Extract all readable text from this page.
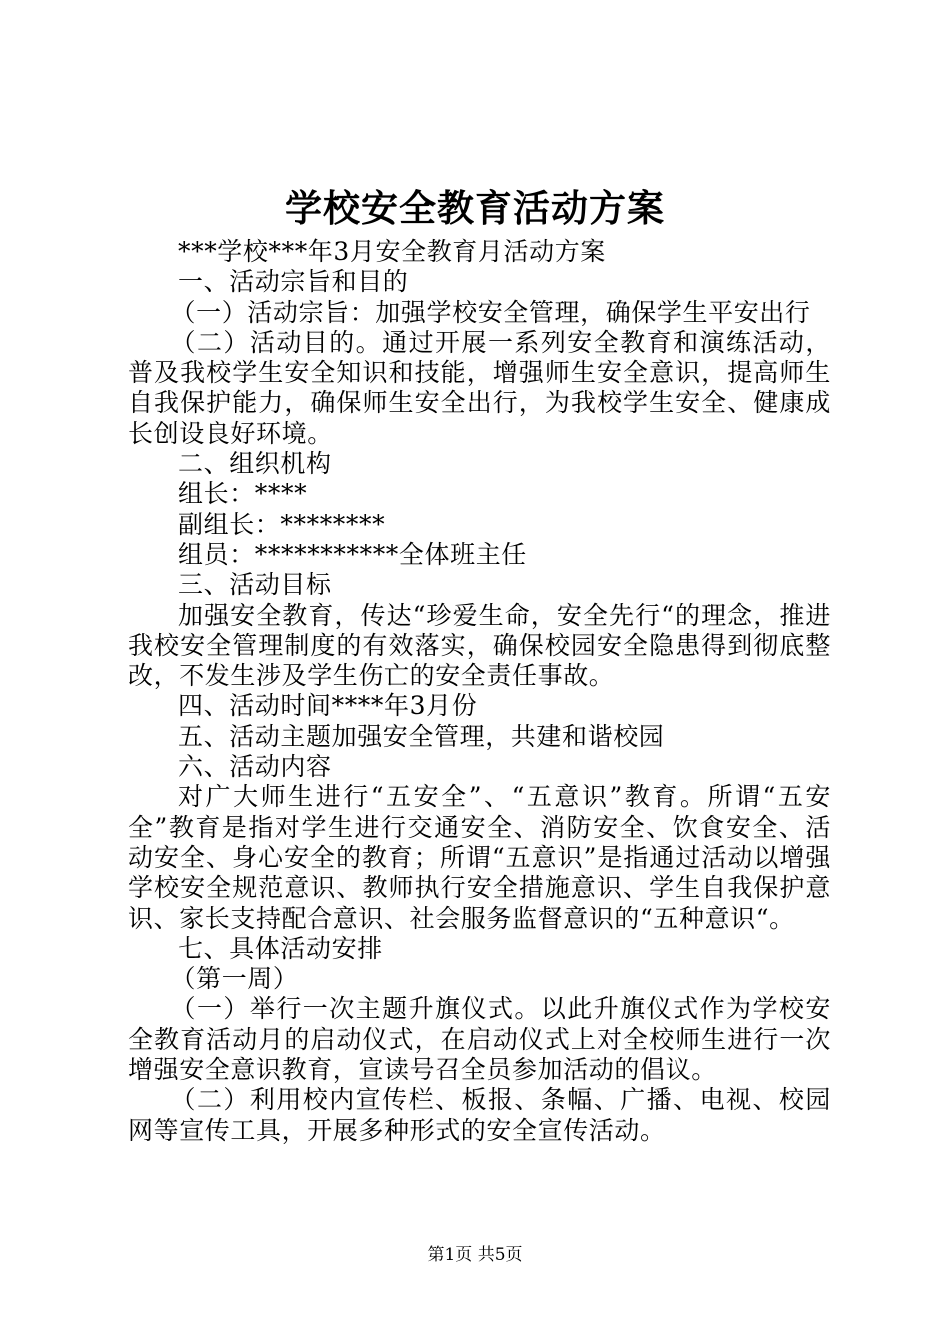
学校安全教育活动方案

***学校***年3月安全教育月活动方案

一、活动宗旨和目的

（一）活动宗旨：加强学校安全管理，确保学生平安出行

（二）活动目的。通过开展一系列安全教育和演练活动，普及我校学生安全知识和技能，增强师生安全意识，提高师生自我保护能力，确保师生安全出行，为我校学生安全、健康成长创设良好环境。

二、组织机构

组长：****

副组长：********

组员：***********全体班主任

三、活动目标

加强安全教育，传达“珍爱生命，安全先行“的理念，推进我校安全管理制度的有效落实，确保校园安全隐患得到彻底整改，不发生涉及学生伤亡的安全责任事故。

四、活动时间****年3月份

五、活动主题加强安全管理，共建和谐校园

六、活动内容

对广大师生进行“五安全”、“五意识”教育。所谓“五安全”教育是指对学生进行交通安全、消防安全、饮食安全、活动安全、身心安全的教育；所谓“五意识”是指通过活动以增强学校安全规范意识、教师执行安全措施意识、学生自我保护意识、家长支持配合意识、社会服务监督意识的“五种意识“。

七、具体活动安排

（第一周）

（一）举行一次主题升旗仪式。以此升旗仪式作为学校安全教育活动月的启动仪式，在启动仪式上对全校师生进行一次增强安全意识教育，宣读号召全员参加活动的倡议。

（二）利用校内宣传栏、板报、条幅、广播、电视、校园网等宣传工具，开展多种形式的安全宣传活动。

第1页 共5页
